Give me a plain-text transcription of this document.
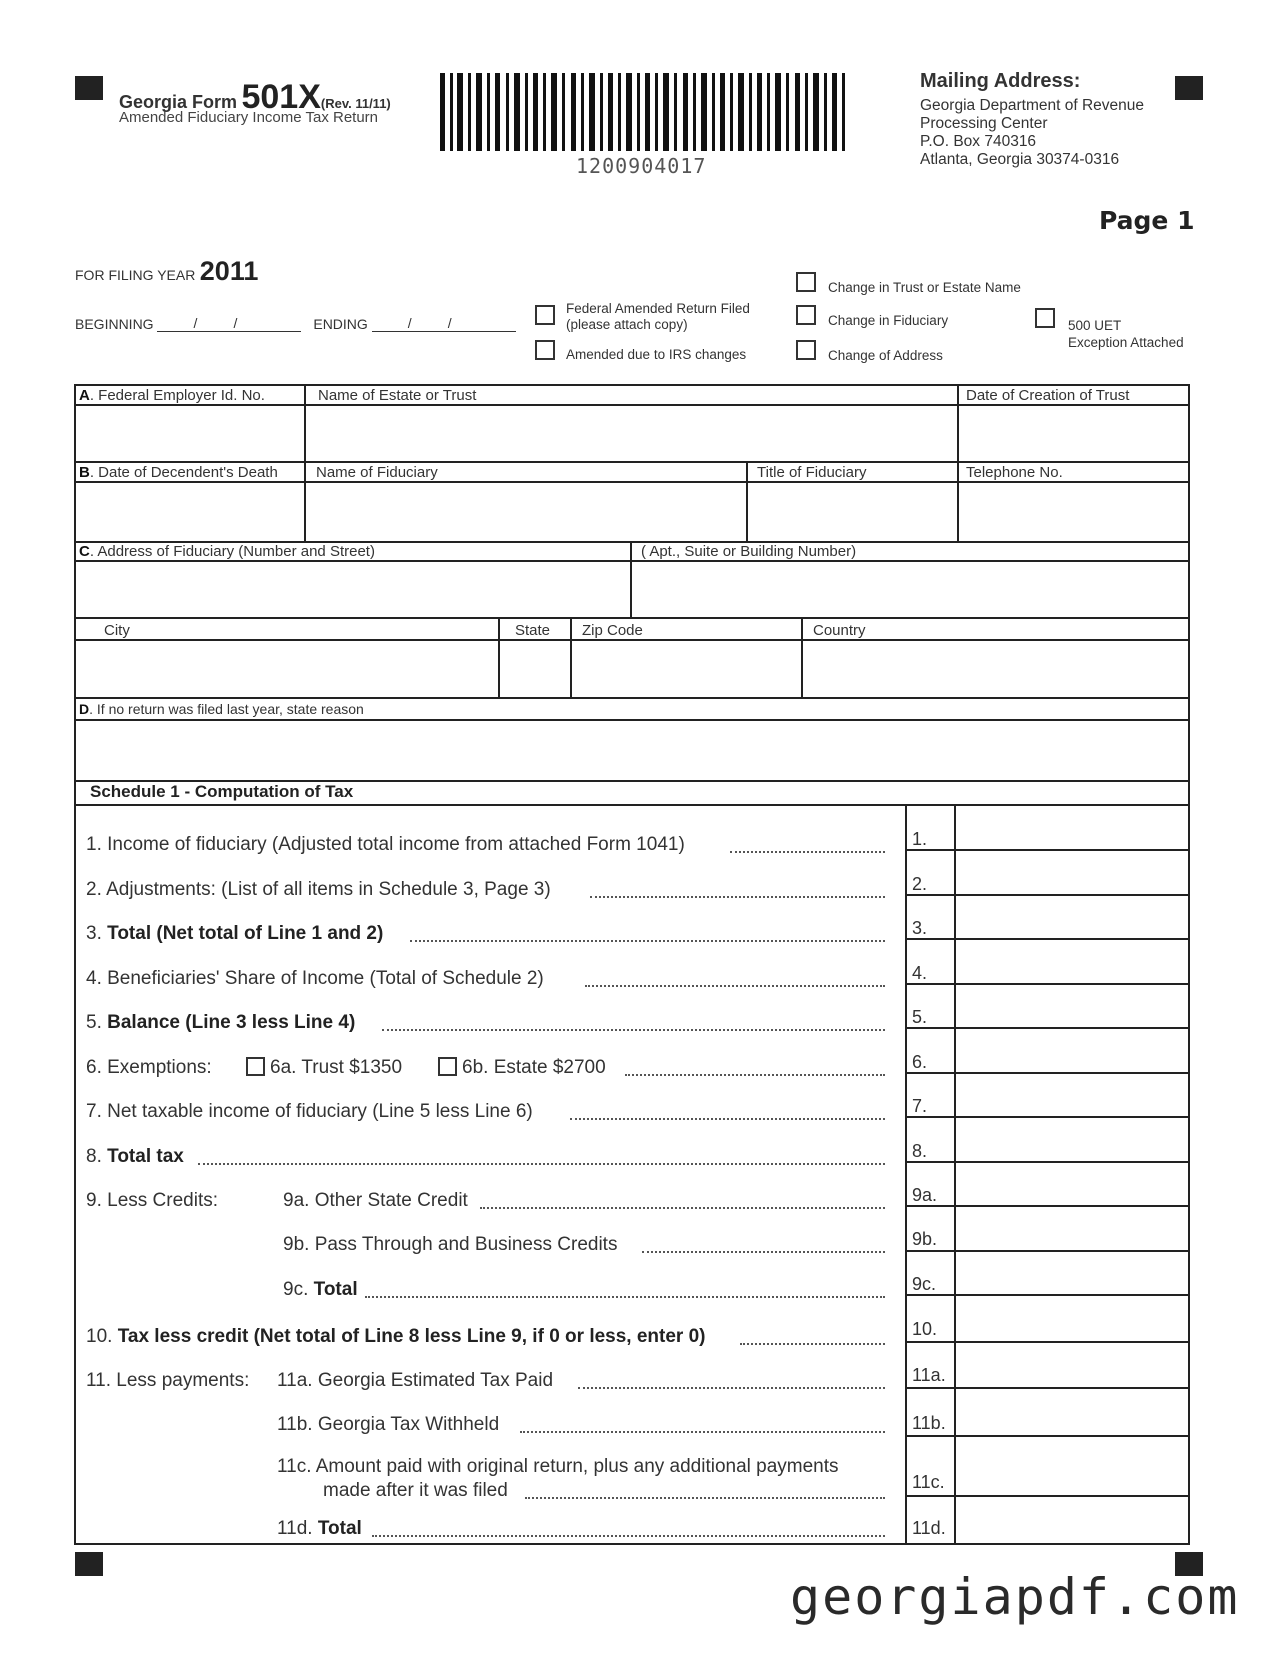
Georgia Form 501X(Rev. 11/11)
Amended Fiduciary Income Tax Return
1200904017
Mailing Address:
Georgia Department of Revenue
Processing Center
P.O. Box 740316
Atlanta, Georgia 30374-0316
Page 1
FOR FILING YEAR 2011
BEGINNING	/	/	ENDING	/	/
Federal Amended Return Filed
(please attach copy)
Amended due to IRS changes
Change in Trust or Estate Name
Change in Fiduciary
Change of Address
500 UET
Exception Attached
A. Federal Employer Id. No.	Name of Estate or Trust	Date of Creation of Trust
B. Date of Decendent's Death	Name of Fiduciary	Title of Fiduciary	Telephone No.
C. Address of Fiduciary (Number and Street)	( Apt., Suite or Building Number)
City	State Zip Code	Country
D. If no return was filed last year, state reason
Schedule 1 - Computation of Tax
1. Income of fiduciary (Adjusted total income from attached Form 1041)	1.
2. Adjustments: (List of all items in Schedule 3, Page 3)	2.
3. Total (Net total of Line 1 and 2)	3.
4. Beneficiaries' Share of Income (Total of Schedule 2)	4.
5. Balance (Line 3 less Line 4)	5.
6. Exemptions:	6a. Trust $1350	6b. Estate $2700	6.
7. Net taxable income of fiduciary (Line 5 less Line 6)	7.
8. Total tax	8.
9. Less Credits:	9a. Other State Credit	9a.
9b. Pass Through and Business Credits	9b.
9c. Total	9c.
10. Tax less credit (Net total of Line 8 less Line 9, if 0 or less, enter 0)	10.
11. Less payments: 11a. Georgia Estimated Tax Paid	11a.
11b. Georgia Tax Withheld	11b.
11c. Amount paid with original return, plus any additional payments
made after it was filed	11c.
11d. Total	11d.
georgiapdf.com
